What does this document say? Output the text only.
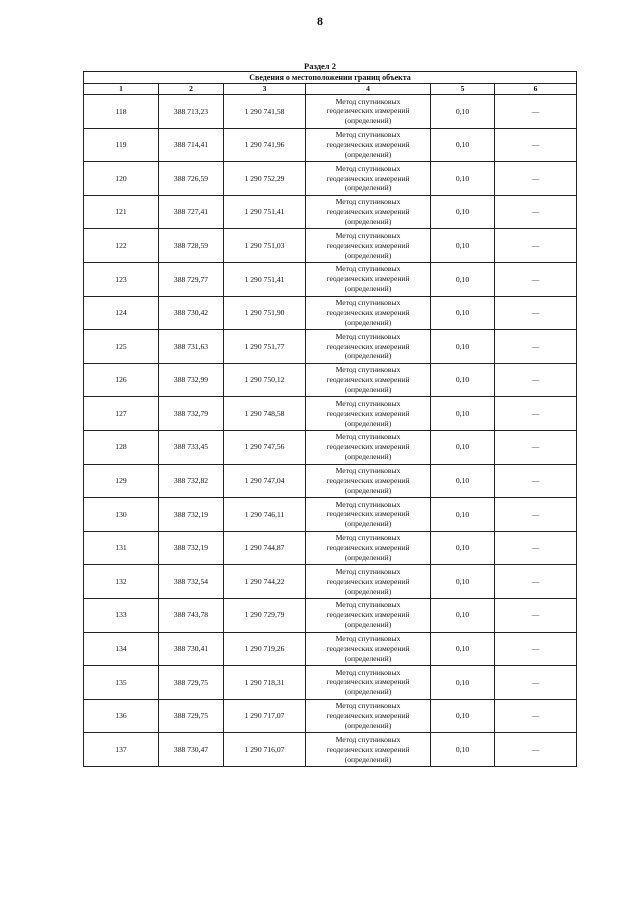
8
Раздел 2
Сведения о местоположении границ объекта					
1	2	3	4	5	6
118	388 713,23	1 290 741,58	Метод спутниковых
геодезических измерений
(определений)	0,10	—
119	388 714,41	1 290 741,96	Метод спутниковых
геодезических измерений
(определений)	0,10	—
120	388 726,59	1 290 752,29	Метод спутниковых
геодезических измерений
(определений)	0,10	—
121	388 727,41	1 290 751,41	Метод спутниковых
геодезических измерений
(определений)	0,10	—
122	388 728,59	1 290 751,03	Метод спутниковых
геодезических измерений
(определений)	0,10	—
123	388 729,77	1 290 751,41	Метод спутниковых
геодезических измерений
(определений)	0,10	—
124	388 730,42	1 290 751,90	Метод спутниковых
геодезических измерений
(определений)	0,10	—
125	388 731,63	1 290 751,77	Метод спутниковых
геодезических измерений
(определений)	0,10	—
126	388 732,99	1 290 750,12	Метод спутниковых
геодезических измерений
(определений)	0,10	—
127	388 732,79	1 290 748,58	Метод спутниковых
геодезических измерений
(определений)	0,10	—
128	388 733,45	1 290 747,56	Метод спутниковых
геодезических измерений
(определений)	0,10	—
129	388 732,82	1 290 747,04	Метод спутниковых
геодезических измерений
(определений)	0,10	—
130	388 732,19	1 290 746,11	Метод спутниковых
геодезических измерений
(определений)	0,10	—
131	388 732,19	1 290 744,87	Метод спутниковых
геодезических измерений
(определений)	0,10	—
132	388 732,54	1 290 744,22	Метод спутниковых
геодезических измерений
(определений)	0,10	—
133	388 743,78	1 290 729,79	Метод спутниковых
геодезических измерений
(определений)	0,10	—
134	388 730,41	1 290 719,26	Метод спутниковых
геодезических измерений
(определений)	0,10	—
135	388 729,75	1 290 718,31	Метод спутниковых
геодезических измерений
(определений)	0,10	—
136	388 729,75	1 290 717,07	Метод спутниковых
геодезических измерений
(определений)	0,10	—
137	388 730,47	1 290 716,07	Метод спутниковых
геодезических измерений
(определений)	0,10	—
